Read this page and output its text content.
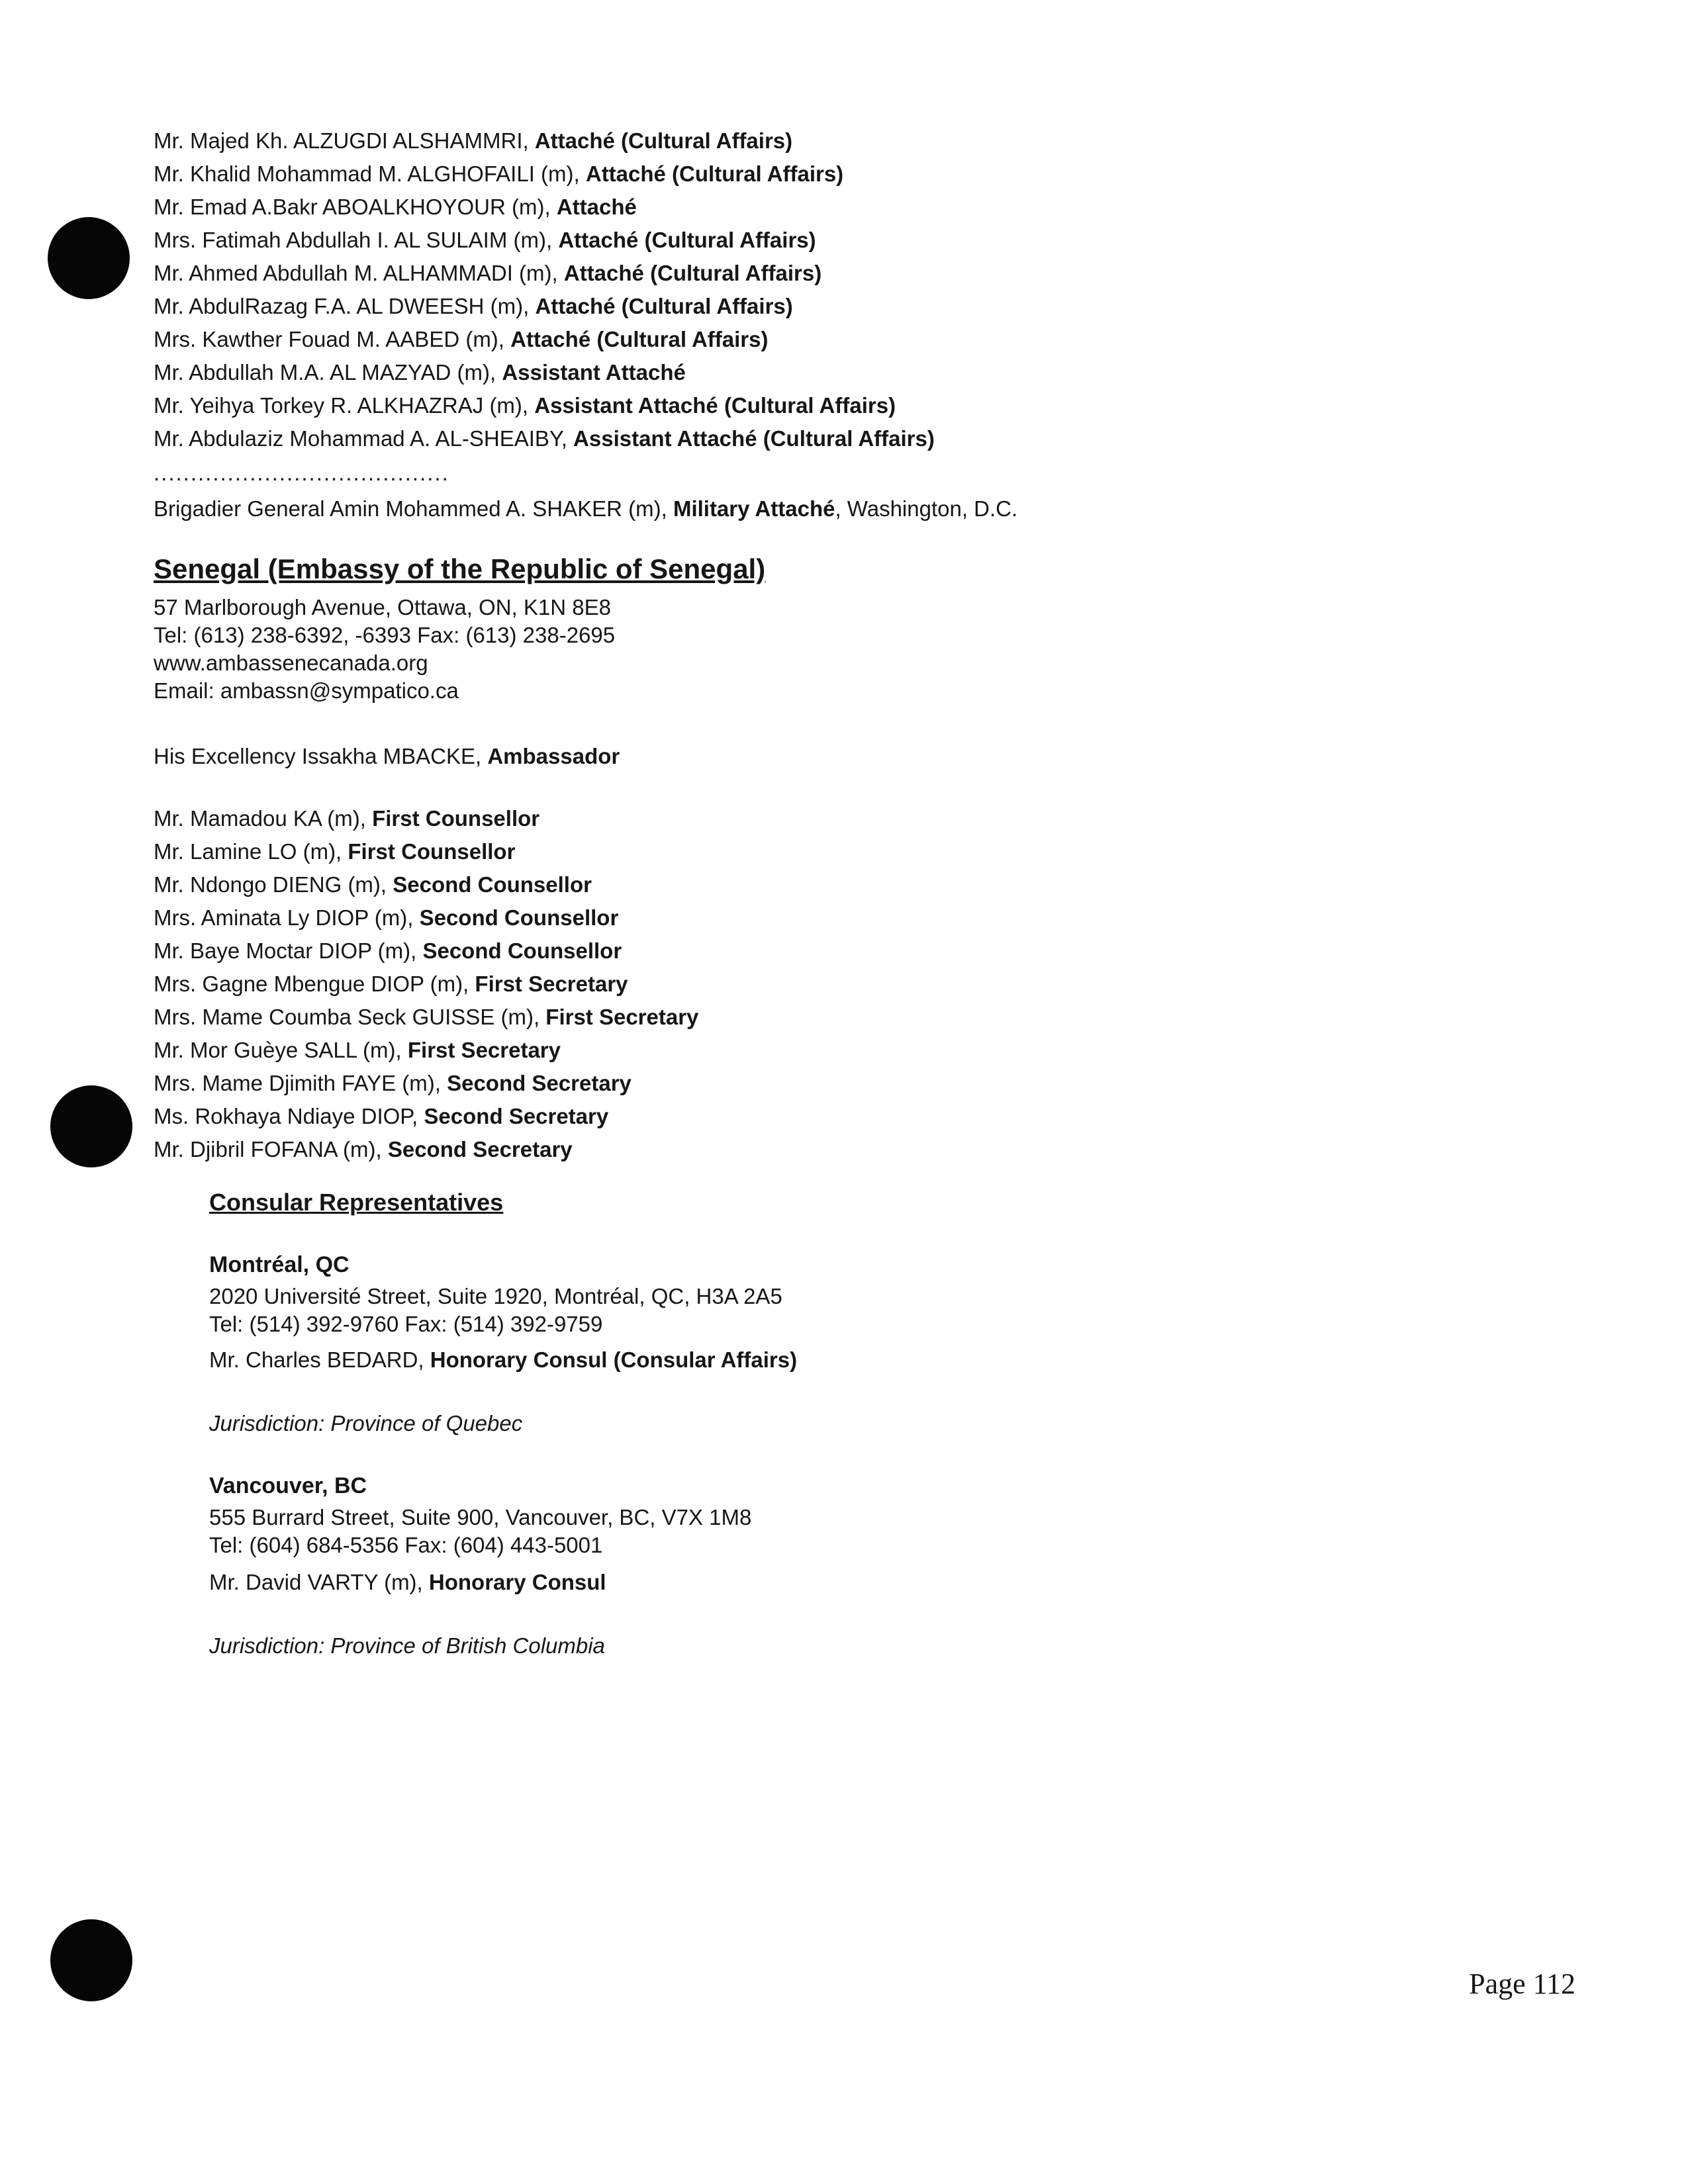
Mr. Majed Kh. ALZUGDI ALSHAMMRI, Attaché (Cultural Affairs)
Mr. Khalid Mohammad M. ALGHOFAILI (m), Attaché (Cultural Affairs)
Mr. Emad A.Bakr ABOALKHOYOUR (m), Attaché
Mrs. Fatimah Abdullah I. AL SULAIM (m), Attaché (Cultural Affairs)
Mr. Ahmed Abdullah M. ALHAMMADI (m), Attaché (Cultural Affairs)
Mr. AbdulRazag F.A. AL DWEESH (m), Attaché (Cultural Affairs)
Mrs. Kawther Fouad M. AABED (m), Attaché (Cultural Affairs)
Mr. Abdullah M.A. AL MAZYAD (m), Assistant Attaché
Mr. Yeihya Torkey R. ALKHAZRAJ (m), Assistant Attaché (Cultural Affairs)
Mr. Abdulaziz Mohammad A. AL-SHEAIBY, Assistant Attaché (Cultural Affairs)
........................................
Brigadier General Amin Mohammed A. SHAKER (m), Military Attaché, Washington, D.C.
Senegal (Embassy of the Republic of Senegal)
57 Marlborough Avenue, Ottawa, ON, K1N 8E8
Tel: (613) 238-6392, -6393 Fax: (613) 238-2695
www.ambassenecanada.org
Email: ambassn@sympatico.ca
His Excellency Issakha MBACKE, Ambassador
Mr. Mamadou KA (m), First Counsellor
Mr. Lamine LO (m), First Counsellor
Mr. Ndongo DIENG (m), Second Counsellor
Mrs. Aminata Ly DIOP (m), Second Counsellor
Mr. Baye Moctar DIOP (m), Second Counsellor
Mrs. Gagne Mbengue DIOP (m), First Secretary
Mrs. Mame Coumba Seck GUISSE (m), First Secretary
Mr. Mor Guèye SALL (m), First Secretary
Mrs. Mame Djimith FAYE (m), Second Secretary
Ms. Rokhaya Ndiaye DIOP, Second Secretary
Mr. Djibril FOFANA (m), Second Secretary
Consular Representatives
Montréal, QC
2020 Université Street, Suite 1920, Montréal, QC, H3A 2A5
Tel: (514) 392-9760 Fax: (514) 392-9759
Mr. Charles BEDARD, Honorary Consul (Consular Affairs)
Jurisdiction: Province of Quebec
Vancouver, BC
555 Burrard Street, Suite 900, Vancouver, BC, V7X 1M8
Tel: (604) 684-5356 Fax: (604) 443-5001
Mr. David VARTY (m), Honorary Consul
Jurisdiction: Province of British Columbia
Page 112
